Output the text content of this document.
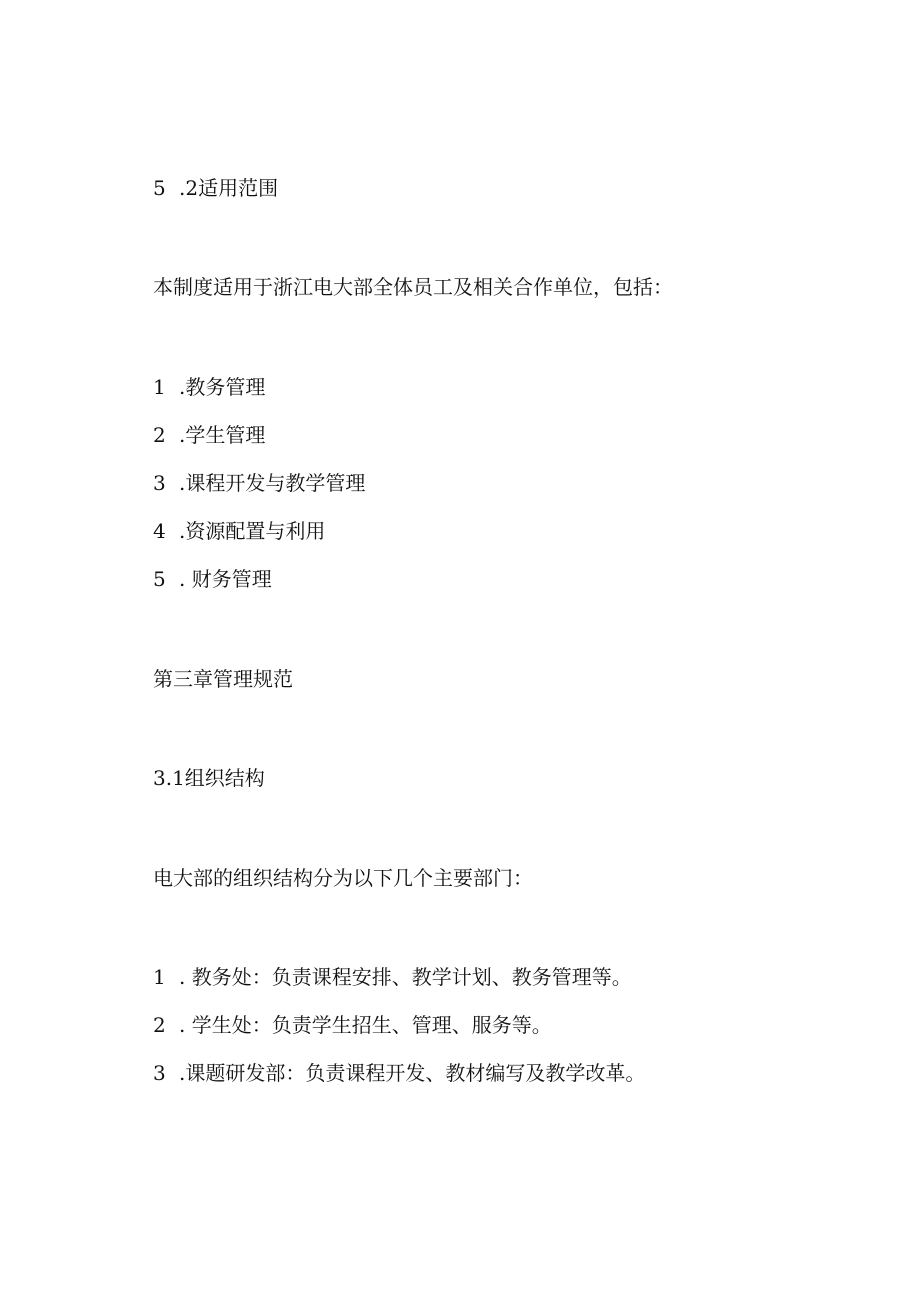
5 .2适用范围
本制度适用于浙江电大部全体员工及相关合作单位，包括：
1 .教务管理
2 .学生管理
3 .课程开发与教学管理
4 .资源配置与利用
5 . 财务管理
第三章管理规范
3.1组织结构
电大部的组织结构分为以下几个主要部门：
1 . 教务处：负责课程安排、教学计划、教务管理等。
2 . 学生处：负责学生招生、管理、服务等。
3 .课题研发部：负责课程开发、教材编写及教学改革。
